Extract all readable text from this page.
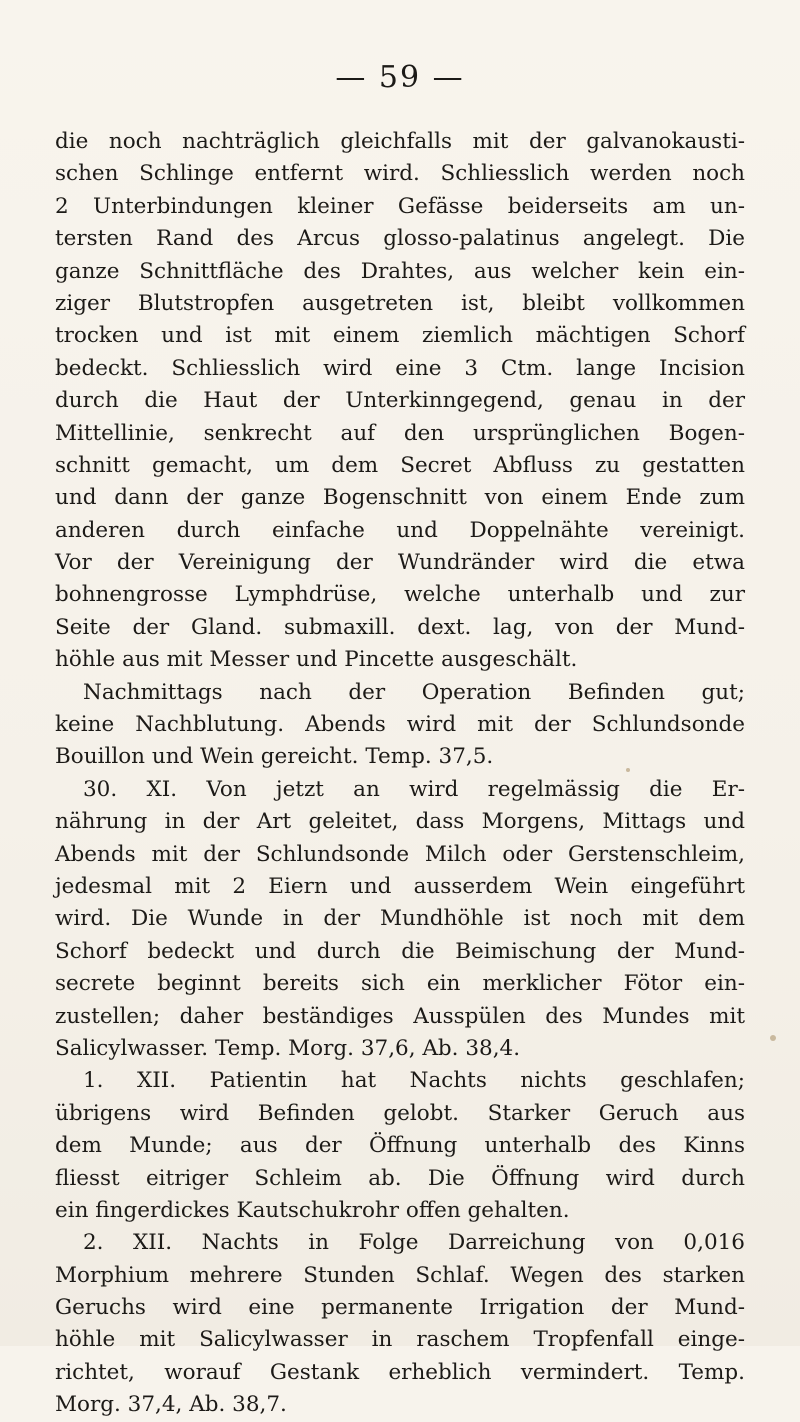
— 59 —
die noch nachträglich gleichfalls mit der galvanokausti-
schen Schlinge entfernt wird. Schliesslich werden noch
2 Unterbindungen kleiner Gefässe beiderseits am un-
tersten Rand des Arcus glosso-palatinus angelegt. Die
ganze Schnittfläche des Drahtes, aus welcher kein ein-
ziger Blutstropfen ausgetreten ist, bleibt vollkommen
trocken und ist mit einem ziemlich mächtigen Schorf
bedeckt. Schliesslich wird eine 3 Ctm. lange Incision
durch die Haut der Unterkinngegend, genau in der
Mittellinie, senkrecht auf den ursprünglichen Bogen-
schnitt gemacht, um dem Secret Abfluss zu gestatten
und dann der ganze Bogenschnitt von einem Ende zum
anderen durch einfache und Doppelnähte vereinigt.
Vor der Vereinigung der Wundränder wird die etwa
bohnengrosse Lymphdrüse, welche unterhalb und zur
Seite der Gland. submaxill. dext. lag, von der Mund-
höhle aus mit Messer und Pincette ausgeschält.
Nachmittags nach der Operation Befinden gut;
keine Nachblutung. Abends wird mit der Schlundsonde
Bouillon und Wein gereicht. Temp. 37,5.
30. XI. Von jetzt an wird regelmässig die Er-
nährung in der Art geleitet, dass Morgens, Mittags und
Abends mit der Schlundsonde Milch oder Gerstenschleim,
jedesmal mit 2 Eiern und ausserdem Wein eingeführt
wird. Die Wunde in der Mundhöhle ist noch mit dem
Schorf bedeckt und durch die Beimischung der Mund-
secrete beginnt bereits sich ein merklicher Fötor ein-
zustellen; daher beständiges Ausspülen des Mundes mit
Salicylwasser. Temp. Morg. 37,6, Ab. 38,4.
1. XII. Patientin hat Nachts nichts geschlafen;
übrigens wird Befinden gelobt. Starker Geruch aus
dem Munde; aus der Öffnung unterhalb des Kinns
fliesst eitriger Schleim ab. Die Öffnung wird durch
ein fingerdickes Kautschukrohr offen gehalten.
2. XII. Nachts in Folge Darreichung von 0,016
Morphium mehrere Stunden Schlaf. Wegen des starken
Geruchs wird eine permanente Irrigation der Mund-
höhle mit Salicylwasser in raschem Tropfenfall einge-
richtet, worauf Gestank erheblich vermindert. Temp.
Morg. 37,4, Ab. 38,7.
